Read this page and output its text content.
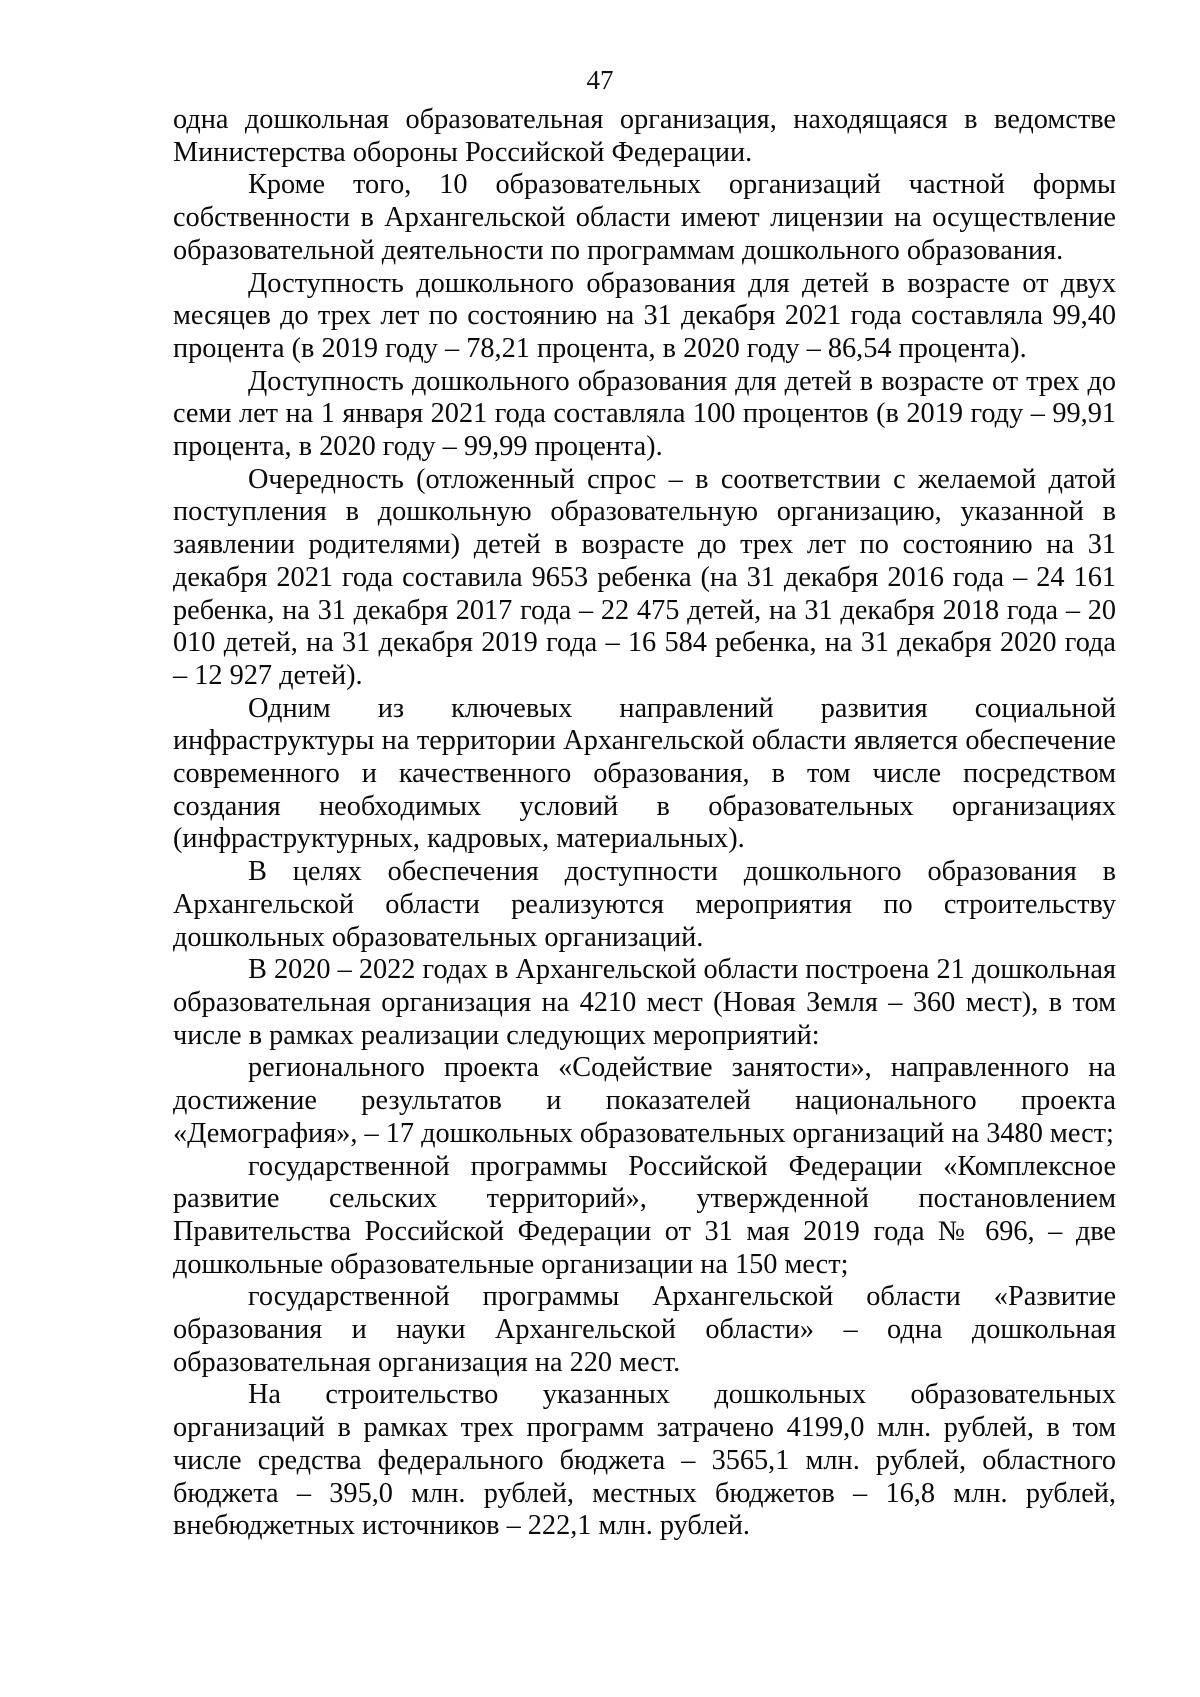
47

одна дошкольная образовательная организация, находящаяся в ведомстве Министерства обороны Российской Федерации.

Кроме того, 10 образовательных организаций частной формы собственности в Архангельской области имеют лицензии на осуществление образовательной деятельности по программам дошкольного образования.

Доступность дошкольного образования для детей в возрасте от двух месяцев до трех лет по состоянию на 31 декабря 2021 года составляла 99,40 процента (в 2019 году – 78,21 процента, в 2020 году – 86,54 процента).

Доступность дошкольного образования для детей в возрасте от трех до семи лет на 1 января 2021 года составляла 100 процентов (в 2019 году – 99,91 процента, в 2020 году – 99,99 процента).

Очередность (отложенный спрос – в соответствии с желаемой датой поступления в дошкольную образовательную организацию, указанной в заявлении родителями) детей в возрасте до трех лет по состоянию на 31 декабря 2021 года составила 9653 ребенка (на 31 декабря 2016 года – 24 161 ребенка, на 31 декабря 2017 года – 22 475 детей, на 31 декабря 2018 года – 20 010 детей, на 31 декабря 2019 года – 16 584 ребенка, на 31 декабря 2020 года – 12 927 детей).

Одним из ключевых направлений развития социальной инфраструктуры на территории Архангельской области является обеспечение современного и качественного образования, в том числе посредством создания необходимых условий в образовательных организациях (инфраструктурных, кадровых, материальных).

В целях обеспечения доступности дошкольного образования в Архангельской области реализуются мероприятия по строительству дошкольных образовательных организаций.

В 2020 – 2022 годах в Архангельской области построена 21 дошкольная образовательная организация на 4210 мест (Новая Земля – 360 мест), в том числе в рамках реализации следующих мероприятий:

регионального проекта «Содействие занятости», направленного на достижение результатов и показателей национального проекта «Демография», – 17 дошкольных образовательных организаций на 3480 мест;

государственной программы Российской Федерации «Комплексное развитие сельских территорий», утвержденной постановлением Правительства Российской Федерации от 31 мая 2019 года № 696, – две дошкольные образовательные организации на 150 мест;

государственной программы Архангельской области «Развитие образования и науки Архангельской области» – одна дошкольная образовательная организация на 220 мест.

На строительство указанных дошкольных образовательных организаций в рамках трех программ затрачено 4199,0 млн. рублей, в том числе средства федерального бюджета – 3565,1 млн. рублей, областного бюджета – 395,0 млн. рублей, местных бюджетов – 16,8 млн. рублей, внебюджетных источников – 222,1 млн. рублей.
